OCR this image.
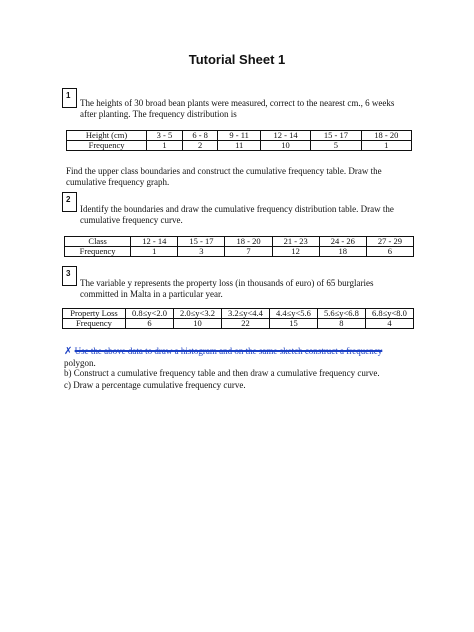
Tutorial Sheet 1
1
The heights of 30 broad bean plants were measured, correct to the nearest cm., 6 weeks after planting. The frequency distribution is
Height (cm)	3 - 5	6 - 8	9 - 11	12 - 14	15 - 17	18 - 20
Frequency	1	2	11	10	5	1
Find the upper class boundaries and construct the cumulative frequency table. Draw the cumulative frequency graph.
2
Identify the boundaries and draw the cumulative frequency distribution table. Draw the cumulative frequency curve.
Class	12 - 14	15 - 17	18 - 20	21 - 23	24 - 26	27 - 29
Frequency	1	3	7	12	18	6
3
The variable y represents the property loss (in thousands of euro) of 65 burglaries committed in Malta in a particular year.
Property Loss	0.8≤y<2.0	2.0≤y<3.2	3.2≤y<4.4	4.4≤y<5.6	5.6≤y<6.8	6.8≤y<8.0
Frequency	6	10	22	15	8	4
✗ Use the above data to draw a histogram and on the same sketch construct a frequency
polygon.
b) Construct a cumulative frequency table and then draw a cumulative frequency curve.
c) Draw a percentage cumulative frequency curve.
